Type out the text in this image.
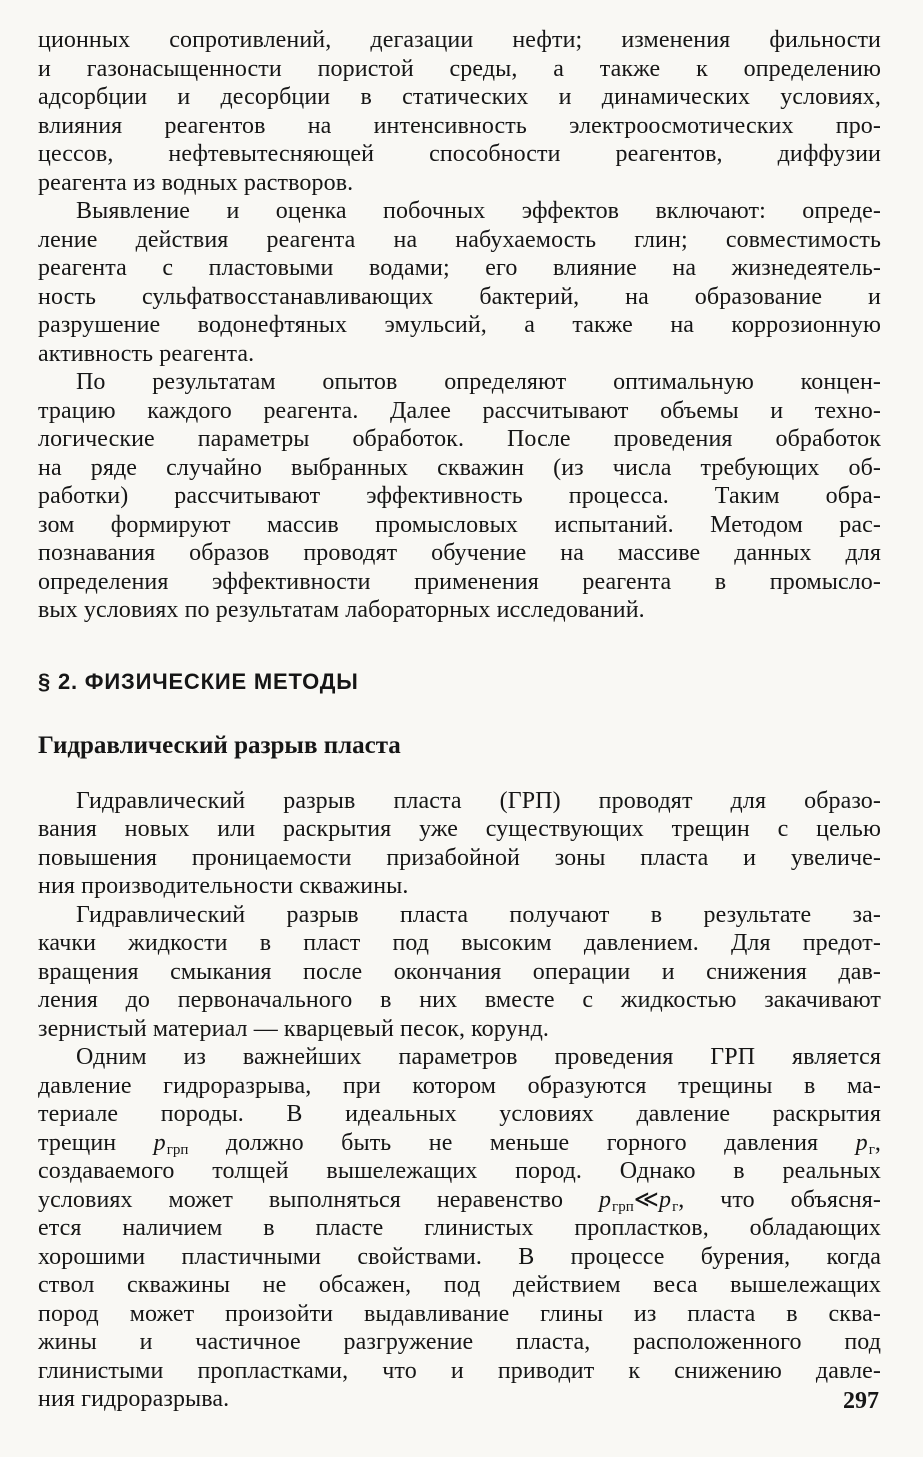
ционных сопротивлений, дегазации нефти; изменения фильности
и газонасыщенности пористой среды, а также к определению
адсорбции и десорбции в статических и динамических условиях,
влияния реагентов на интенсивность электроосмотических про-
цессов, нефтевытесняющей способности реагентов, диффузии
реагента из водных растворов.
Выявление и оценка побочных эффектов включают: опреде-
ление действия реагента на набухаемость глин; совместимость
реагента с пластовыми водами; его влияние на жизнедеятель-
ность сульфатвосстанавливающих бактерий, на образование и
разрушение водонефтяных эмульсий, а также на коррозионную
активность реагента.
По результатам опытов определяют оптимальную концен-
трацию каждого реагента. Далее рассчитывают объемы и техно-
логические параметры обработок. После проведения обработок
на ряде случайно выбранных скважин (из числа требующих об-
работки) рассчитывают эффективность процесса. Таким обра-
зом формируют массив промысловых испытаний. Методом рас-
познавания образов проводят обучение на массиве данных для
определения эффективности применения реагента в промысло-
вых условиях по результатам лабораторных исследований.
§ 2. ФИЗИЧЕСКИЕ МЕТОДЫ
Гидравлический разрыв пласта
Гидравлический разрыв пласта (ГРП) проводят для образо-
вания новых или раскрытия уже существующих трещин с целью
повышения проницаемости призабойной зоны пласта и увеличе-
ния производительности скважины.
Гидравлический разрыв пласта получают в результате за-
качки жидкости в пласт под высоким давлением. Для предот-
вращения смыкания после окончания операции и снижения дав-
ления до первоначального в них вместе с жидкостью закачивают
зернистый материал — кварцевый песок, корунд.
Одним из важнейших параметров проведения ГРП является
давление гидроразрыва, при котором образуются трещины в ма-
териале породы. В идеальных условиях давление раскрытия
трещин $p_{грп}$ должно быть не меньше горного давления $p_г$,
создаваемого толщей вышележащих пород. Однако в реальных
условиях может выполняться неравенство $p_{грп}≪p_г$, что объясня-
ется наличием в пласте глинистых пропластков, обладающих
хорошими пластичными свойствами. В процессе бурения, когда
ствол скважины не обсажен, под действием веса вышележащих
пород может произойти выдавливание глины из пласта в сква-
жины и частичное разгружение пласта, расположенного под
глинистыми пропластками, что и приводит к снижению давле-
ния гидроразрыва.	297
